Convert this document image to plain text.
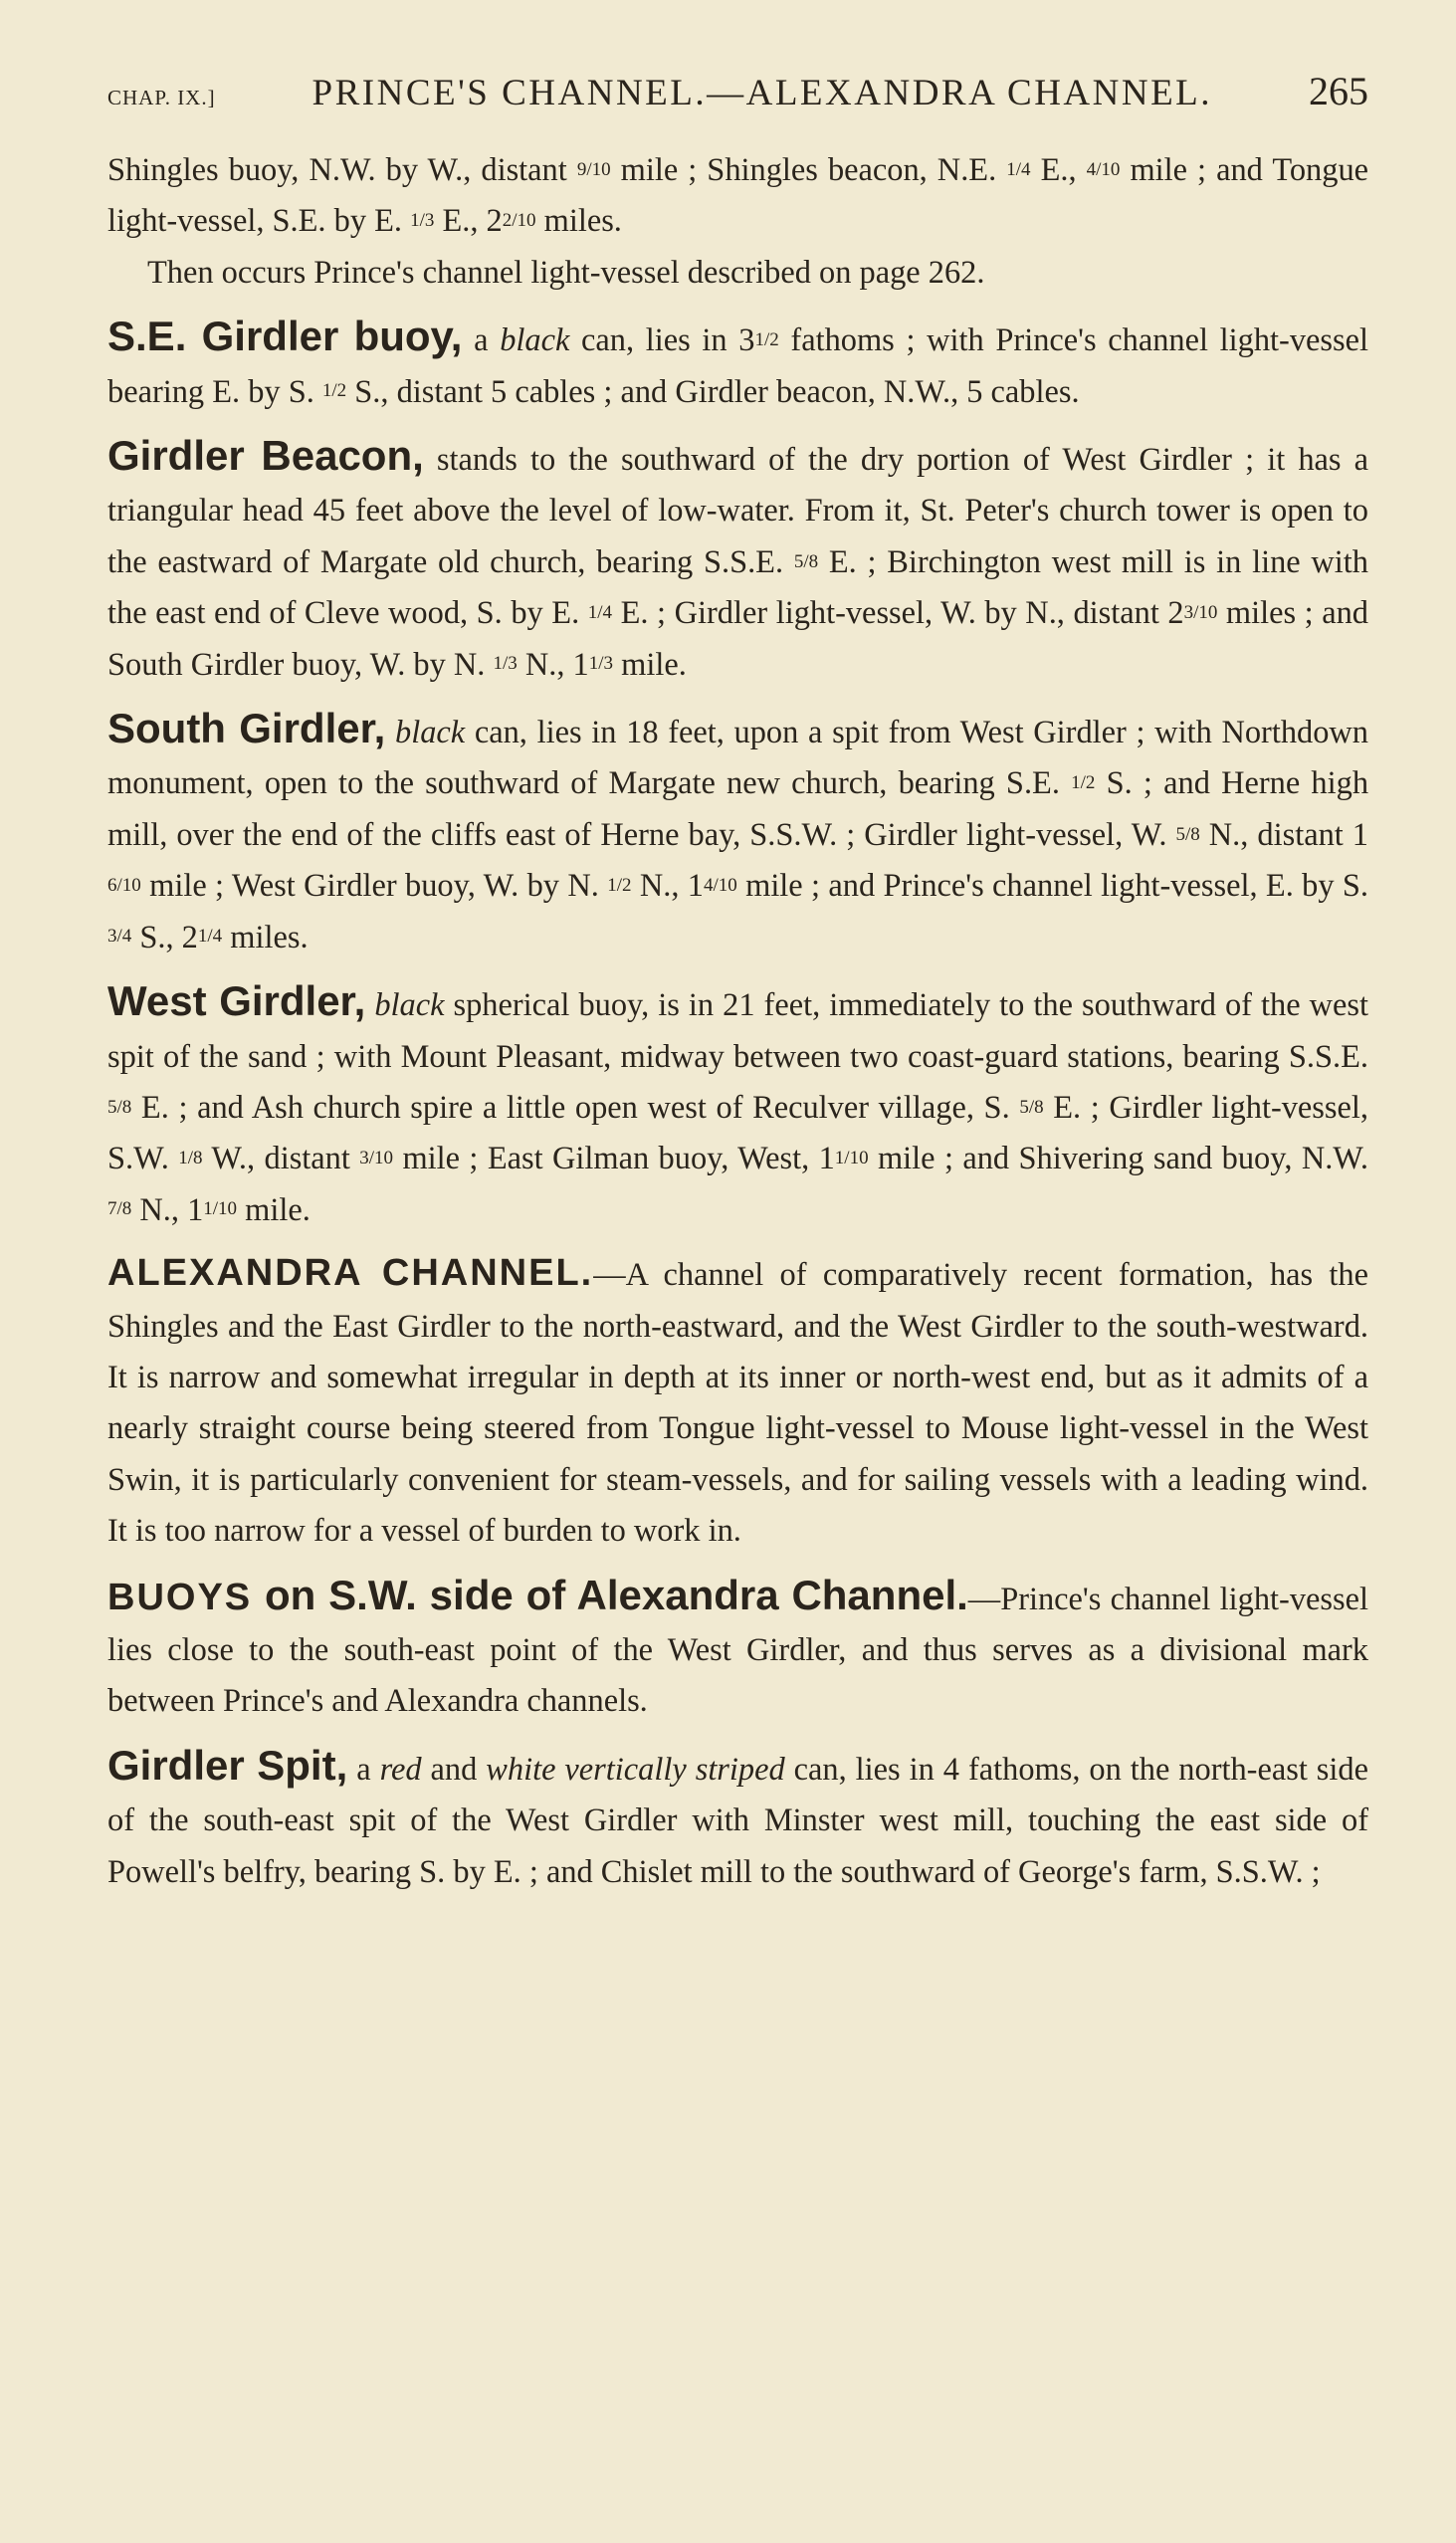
CHAP. IX.]	PRINCE'S CHANNEL.—ALEXANDRA CHANNEL. 265

Shingles buoy, N.W. by W., distant 9/10 mile ; Shingles beacon, N.E. 1/4 E., 4/10 mile ; and Tongue light-vessel, S.E. by E. 1/3 E., 22/10 miles.

Then occurs Prince's channel light-vessel described on page 262.

S.E. Girdler buoy, a black can, lies in 31/2 fathoms ; with Prince's channel light-vessel bearing E. by S. 1/2 S., distant 5 cables ; and Girdler beacon, N.W., 5 cables.

Girdler Beacon, stands to the southward of the dry portion of West Girdler ; it has a triangular head 45 feet above the level of low-water. From it, St. Peter's church tower is open to the eastward of Margate old church, bearing S.S.E. 5/8 E. ; Birchington west mill is in line with the east end of Cleve wood, S. by E. 1/4 E. ; Girdler light-vessel, W. by N., distant 23/10 miles ; and South Girdler buoy, W. by N. 1/3 N., 11/3 mile.

South Girdler, black can, lies in 18 feet, upon a spit from West Girdler ; with Northdown monument, open to the southward of Margate new church, bearing S.E. 1/2 S. ; and Herne high mill, over the end of the cliffs east of Herne bay, S.S.W. ; Girdler light-vessel, W. 5/8 N., distant 16/10 mile ; West Girdler buoy, W. by N. 1/2 N., 14/10 mile ; and Prince's channel light-vessel, E. by S. 3/4 S., 21/4 miles.

West Girdler, black spherical buoy, is in 21 feet, immediately to the southward of the west spit of the sand ; with Mount Pleasant, midway between two coast-guard stations, bearing S.S.E. 5/8 E. ; and Ash church spire a little open west of Reculver village, S. 5/8 E. ; Girdler light-vessel, S.W. 1/8 W., distant 3/10 mile ; East Gilman buoy, West, 11/10 mile ; and Shivering sand buoy, N.W. 7/8 N., 11/10 mile.

ALEXANDRA CHANNEL.—A channel of comparatively recent formation, has the Shingles and the East Girdler to the north-eastward, and the West Girdler to the south-westward. It is narrow and somewhat irregular in depth at its inner or north-west end, but as it admits of a nearly straight course being steered from Tongue light-vessel to Mouse light-vessel in the West Swin, it is particularly convenient for steam-vessels, and for sailing vessels with a leading wind. It is too narrow for a vessel of burden to work in.

BUOYS on S.W. side of Alexandra Channel.—Prince's channel light-vessel lies close to the south-east point of the West Girdler, and thus serves as a divisional mark between Prince's and Alexandra channels.

Girdler Spit, a red and white vertically striped can, lies in 4 fathoms, on the north-east side of the south-east spit of the West Girdler with Minster west mill, touching the east side of Powell's belfry, bearing S. by E. ; and Chislet mill to the southward of George's farm, S.S.W. ;
